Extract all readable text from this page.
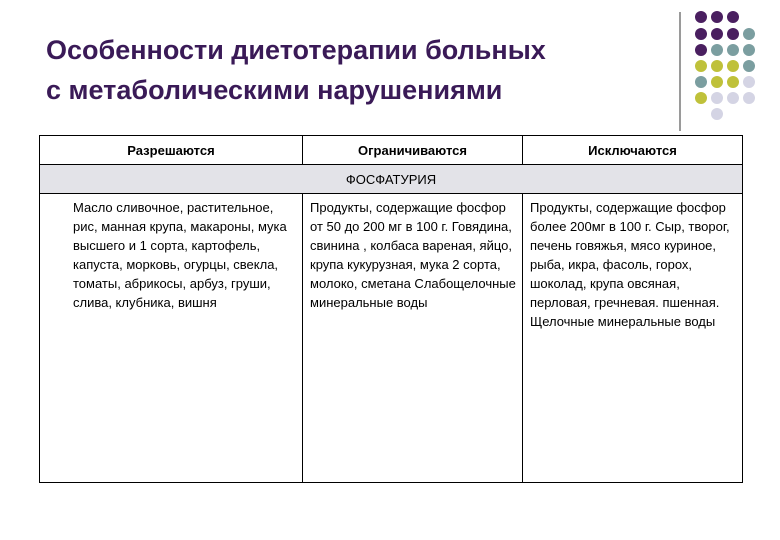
Особенности диетотерапии больных
с метаболическими нарушениями
Разрешаются	Ограничиваются	Исключаются
ФОСФАТУРИЯ		
Масло сливочное, растительное, рис, манная крупа, макароны, мука высшего и 1 сорта, картофель, капуста, морковь, огурцы, свекла, томаты, абрикосы, арбуз, груши, слива, клубника, вишня	Продукты, содержащие фосфор от 50 до 200 мг в 100 г. Говядина, свинина , колбаса вареная, яйцо, крупа кукурузная, мука 2 сорта, молоко, сметана Слабощелочные минеральные воды	Продукты, содержащие фосфор более 200мг в 100 г. Сыр, творог, печень говяжья, мясо куриное, рыба, икра, фасоль, горох, шоколад, крупа овсяная, перловая, гречневая. пшенная. Щелочные минеральные воды
